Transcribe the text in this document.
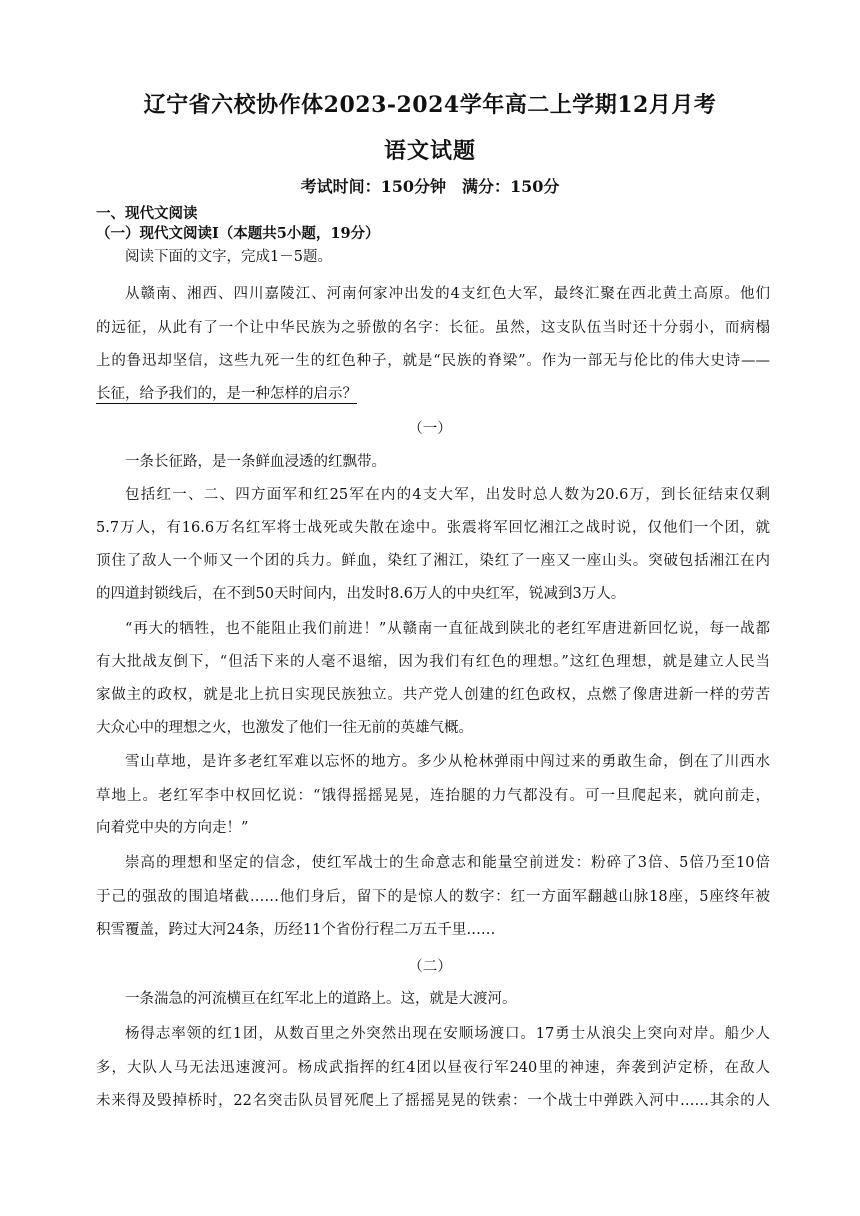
辽宁省六校协作体2023-2024学年高二上学期12月月考
语文试题
考试时间：150分钟 满分：150分
一、现代文阅读
（一）现代文阅读Ⅰ（本题共5小题，19分）
阅读下面的文字，完成1－5题。
从赣南、湘西、四川嘉陵江、河南何家冲出发的4支红色大军，最终汇聚在西北黄土高原。他们
的远征，从此有了一个让中华民族为之骄傲的名字：长征。虽然，这支队伍当时还十分弱小，而病榻
上的鲁迅却坚信，这些九死一生的红色种子，就是“民族的脊梁”。作为一部无与伦比的伟大史诗——
长征，给予我们的，是一种怎样的启示？
（一）
一条长征路，是一条鲜血浸透的红飘带。
包括红一、二、四方面军和红25军在内的4支大军，出发时总人数为20.6万，到长征结束仅剩
5.7万人，有16.6万名红军将士战死或失散在途中。张震将军回忆湘江之战时说，仅他们一个团，就
顶住了敌人一个师又一个团的兵力。鲜血，染红了湘江，染红了一座又一座山头。突破包括湘江在内
的四道封锁线后，在不到50天时间内，出发时8.6万人的中央红军，锐减到3万人。
“再大的牺牲，也不能阻止我们前进！”从赣南一直征战到陕北的老红军唐进新回忆说，每一战都
有大批战友倒下，“但活下来的人毫不退缩，因为我们有红色的理想。”这红色理想，就是建立人民当
家做主的政权，就是北上抗日实现民族独立。共产党人创建的红色政权，点燃了像唐进新一样的劳苦
大众心中的理想之火，也激发了他们一往无前的英雄气概。
雪山草地，是许多老红军难以忘怀的地方。多少从枪林弹雨中闯过来的勇敢生命，倒在了川西水
草地上。老红军李中权回忆说：“饿得摇摇晃晃，连抬腿的力气都没有。可一旦爬起来，就向前走，
向着党中央的方向走！”
崇高的理想和坚定的信念，使红军战士的生命意志和能量空前迸发：粉碎了3倍、5倍乃至10倍
于己的强敌的围追堵截……他们身后，留下的是惊人的数字：红一方面军翻越山脉18座，5座终年被
积雪覆盖，跨过大河24条，历经11个省份行程二万五千里……
（二）
一条湍急的河流横亘在红军北上的道路上。这，就是大渡河。
杨得志率领的红1团，从数百里之外突然出现在安顺场渡口。17勇士从浪尖上突向对岸。船少人
多，大队人马无法迅速渡河。杨成武指挥的红4团以昼夜行军240里的神速，奔袭到泸定桥，在敌人
未来得及毁掉桥时，22名突击队员冒死爬上了摇摇晃晃的铁索：一个战士中弹跌入河中……其余的人
